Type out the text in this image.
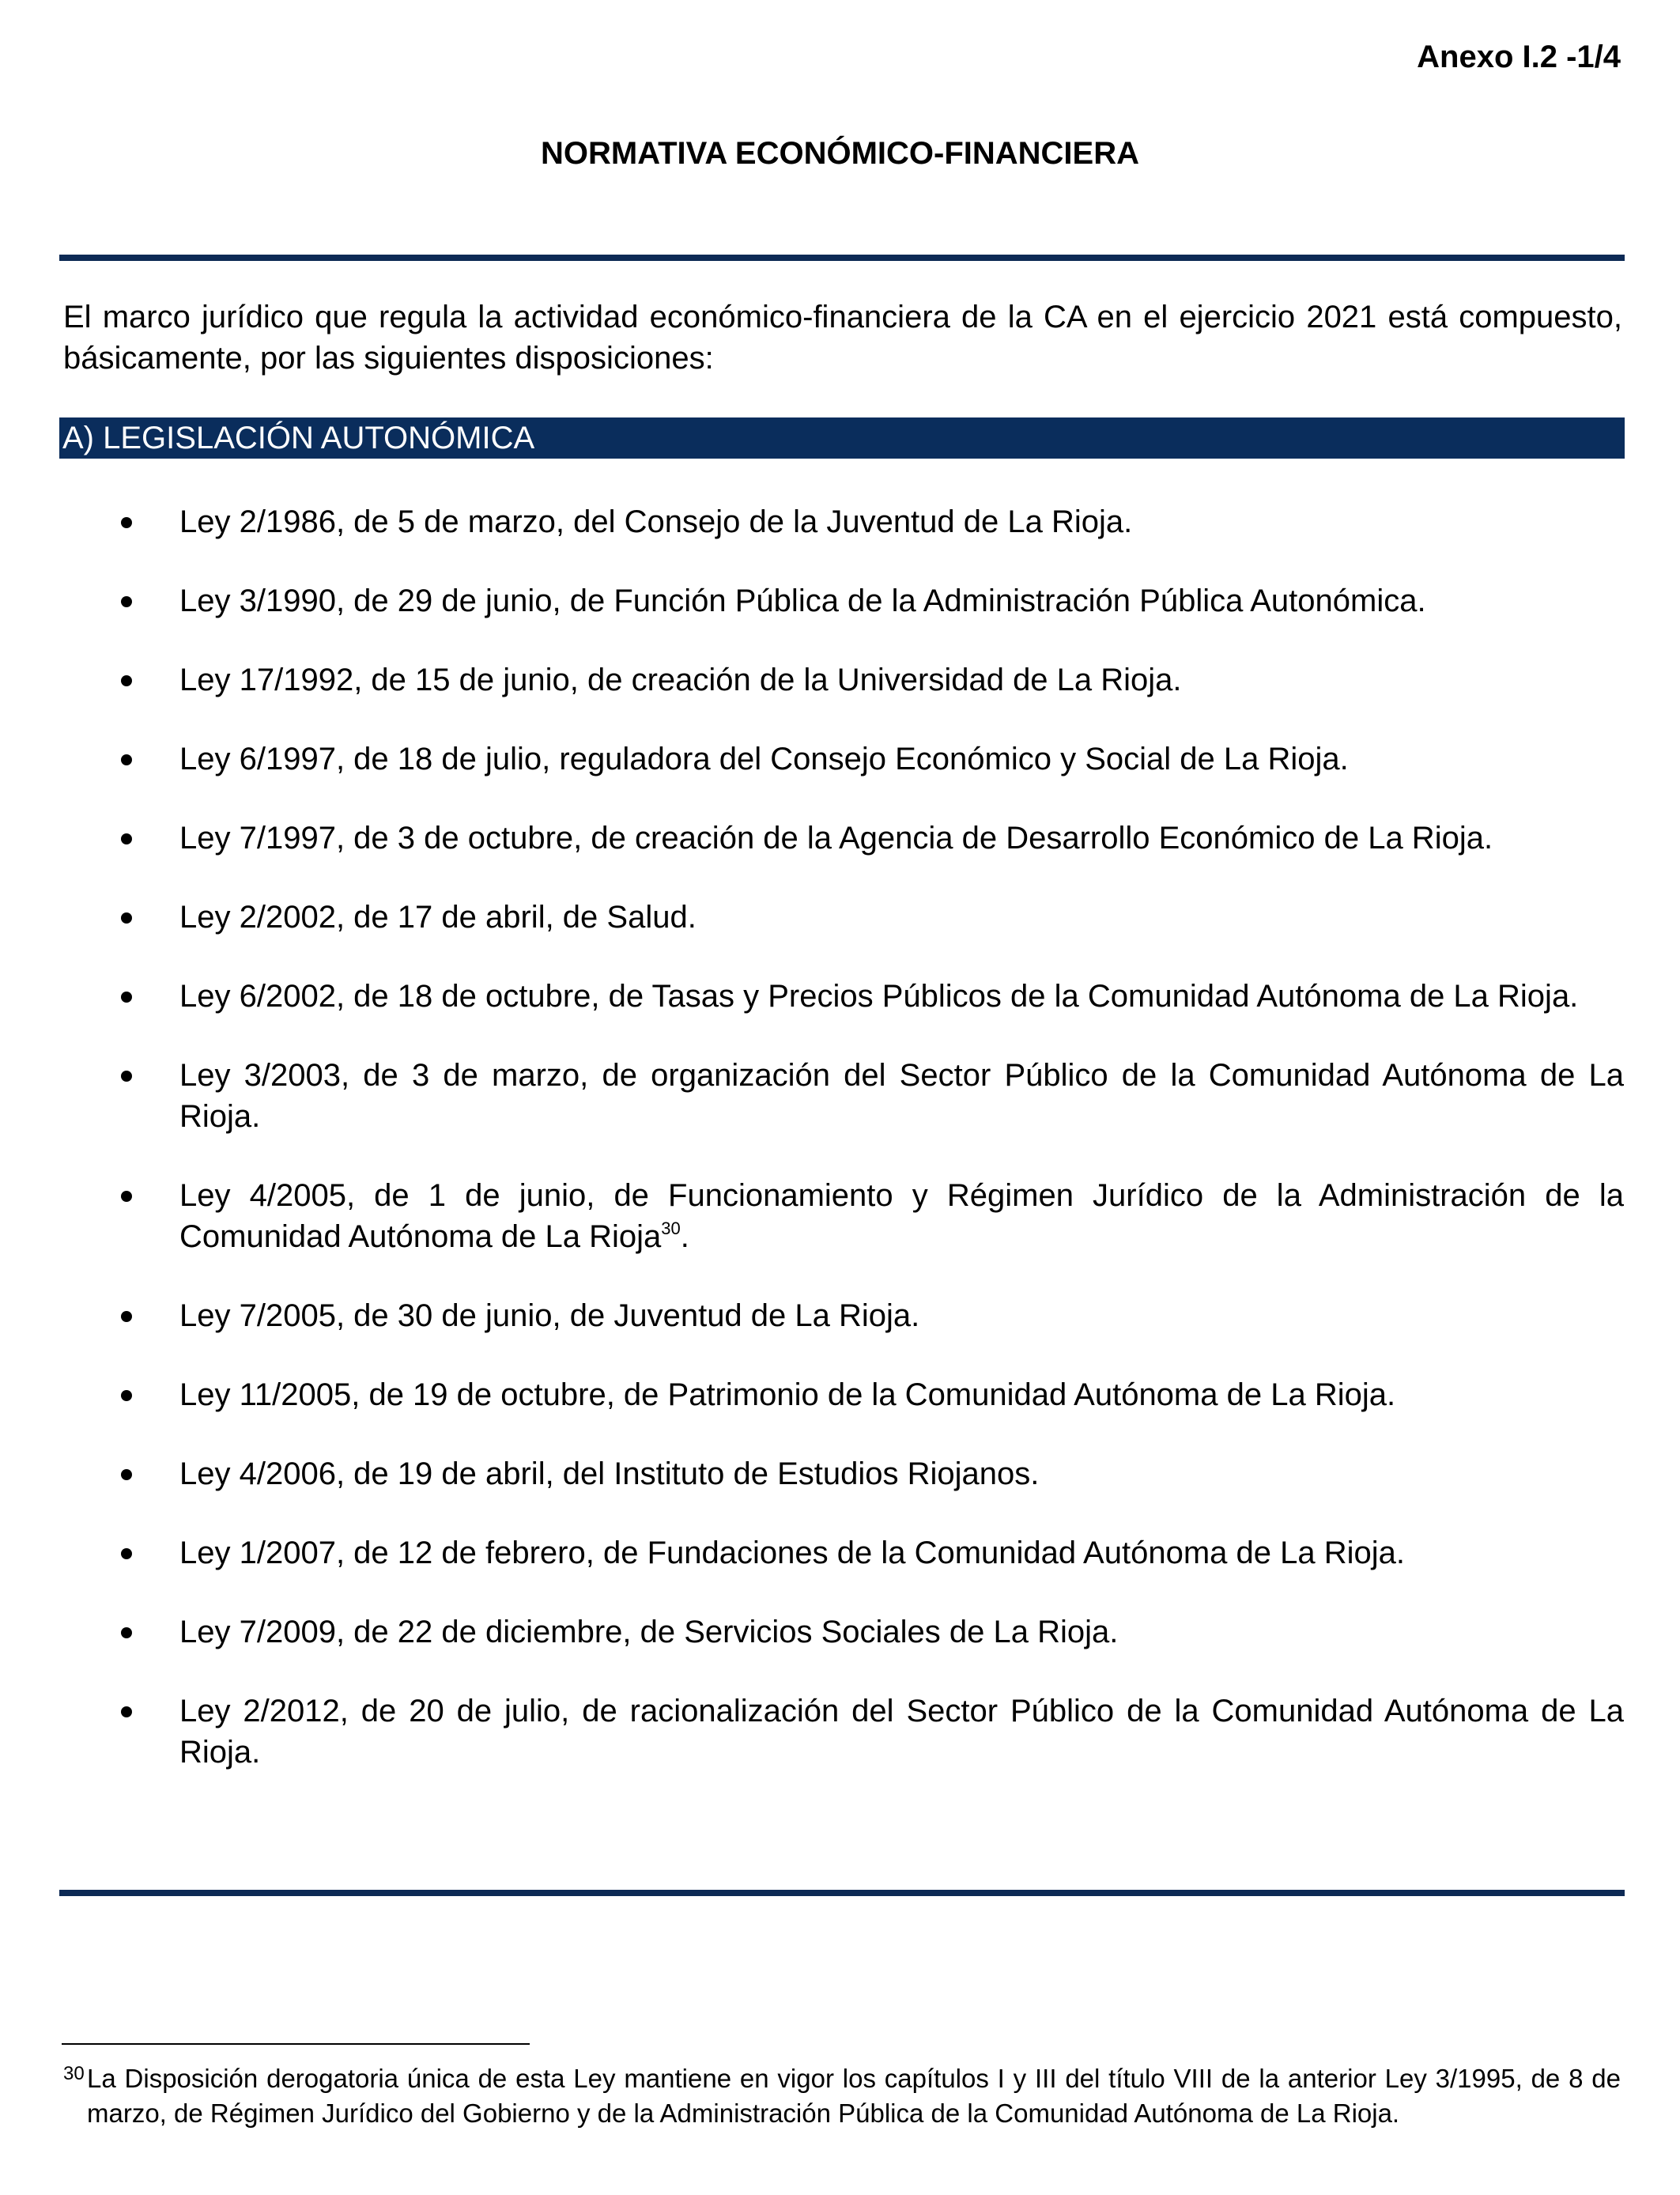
Anexo I.2 -1/4
NORMATIVA ECONÓMICO-FINANCIERA
El marco jurídico que regula la actividad económico-financiera de la CA en el ejercicio 2021 está compuesto, básicamente, por las siguientes disposiciones:
A) LEGISLACIÓN AUTONÓMICA
Ley 2/1986, de 5 de marzo, del Consejo de la Juventud de La Rioja.
Ley 3/1990, de 29 de junio, de Función Pública de la Administración Pública Autonómica.
Ley 17/1992, de 15 de junio, de creación de la Universidad de La Rioja.
Ley 6/1997, de 18 de julio, reguladora del Consejo Económico y Social de La Rioja.
Ley 7/1997, de 3 de octubre, de creación de la Agencia de Desarrollo Económico de La Rioja.
Ley 2/2002, de 17 de abril, de Salud.
Ley 6/2002, de 18 de octubre, de Tasas y Precios Públicos de la Comunidad Autónoma de La Rioja.
Ley 3/2003, de 3 de marzo, de organización del Sector Público de la Comunidad Autónoma de La Rioja.
Ley 4/2005, de 1 de junio, de Funcionamiento y Régimen Jurídico de la Administración de la Comunidad Autónoma de La Rioja$^{30}$.
Ley 7/2005, de 30 de junio, de Juventud de La Rioja.
Ley 11/2005, de 19 de octubre, de Patrimonio de la Comunidad Autónoma de La Rioja.
Ley 4/2006, de 19 de abril, del Instituto de Estudios Riojanos.
Ley 1/2007, de 12 de febrero, de Fundaciones de la Comunidad Autónoma de La Rioja.
Ley 7/2009, de 22 de diciembre, de Servicios Sociales de La Rioja.
Ley 2/2012, de 20 de julio, de racionalización del Sector Público de la Comunidad Autónoma de La Rioja.
30 La Disposición derogatoria única de esta Ley mantiene en vigor los capítulos I y III del título VIII de la anterior Ley 3/1995, de 8 de marzo, de Régimen Jurídico del Gobierno y de la Administración Pública de la Comunidad Autónoma de La Rioja.
